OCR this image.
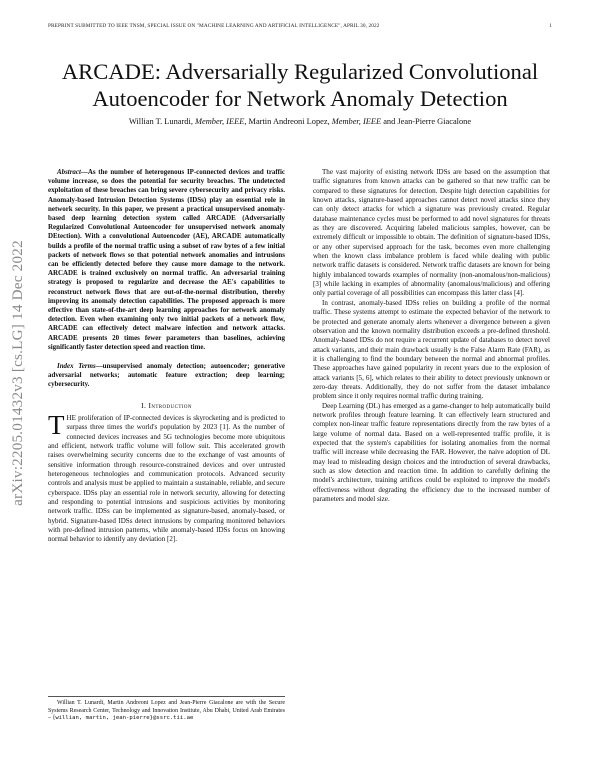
PREPRINT SUBMITTED TO IEEE TNSM, SPECIAL ISSUE ON "MACHINE LEARNING AND ARTIFICIAL INTELLIGENCE", APRIL 30, 2022	1
ARCADE: Adversarially Regularized Convolutional Autoencoder for Network Anomaly Detection
Willian T. Lunardi, Member, IEEE, Martin Andreoni Lopez, Member, IEEE and Jean-Pierre Giacalone
arXiv:2205.01432v3 [cs.LG] 14 Dec 2022

Abstract—As the number of heterogenous IP-connected devices and traffic volume increase, so does the potential for security breaches. The undetected exploitation of these breaches can bring severe cybersecurity and privacy risks. Anomaly-based Intrusion Detection Systems (IDSs) play an essential role in network security. In this paper, we present a practical unsupervised anomaly-based deep learning detection system called ARCADE (Adversarially Regularized Convolutional Autoencoder for unsupervised network anomaly DEtection). With a convolutional Autoencoder (AE), ARCADE automatically builds a profile of the normal traffic using a subset of raw bytes of a few initial packets of network flows so that potential network anomalies and intrusions can be efficiently detected before they cause more damage to the network. ARCADE is trained exclusively on normal traffic. An adversarial training strategy is proposed to regularize and decrease the AE's capabilities to reconstruct network flows that are out-of-the-normal distribution, thereby improving its anomaly detection capabilities. The proposed approach is more effective than state-of-the-art deep learning approaches for network anomaly detection. Even when examining only two initial packets of a network flow, ARCADE can effectively detect malware infection and network attacks. ARCADE presents 20 times fewer parameters than baselines, achieving significantly faster detection speed and reaction time.

Index Terms—unsupervised anomaly detection; autoencoder; generative adversarial networks; automatic feature extraction; deep learning; cybersecurity.

I. Introduction

THE proliferation of IP-connected devices is skyrocketing and is predicted to surpass three times the world's population by 2023 [1]. As the number of connected devices increases and 5G technologies become more ubiquitous and efficient, network traffic volume will follow suit. This accelerated growth raises overwhelming security concerns due to the exchange of vast amounts of sensitive information through resource-constrained devices and over untrusted heterogeneous technologies and communication protocols. Advanced security controls and analysis must be applied to maintain a sustainable, reliable, and secure cyberspace. IDSs play an essential role in network security, allowing for detecting and responding to potential intrusions and suspicious activities by monitoring network traffic. IDSs can be implemented as signature-based, anomaly-based, or hybrid. Signature-based IDSs detect intrusions by comparing monitored behaviors with pre-defined intrusion patterns, while anomaly-based IDSs focus on knowing normal behavior to identify any deviation [2].

Willian T. Lunardi, Martin Andreoni Lopez and Jean-Pierre Giacalone are with the Secure Systems Research Center, Technology and Innovation Institute, Abu Dhabi, United Arab Emirates – {willian, martin, jean-pierre}@ssrc.tii.ae

The vast majority of existing network IDSs are based on the assumption that traffic signatures from known attacks can be gathered so that new traffic can be compared to these signatures for detection. Despite high detection capabilities for known attacks, signature-based approaches cannot detect novel attacks since they can only detect attacks for which a signature was previously created. Regular database maintenance cycles must be performed to add novel signatures for threats as they are discovered. Acquiring labeled malicious samples, however, can be extremely difficult or impossible to obtain. The definition of signature-based IDSs, or any other supervised approach for the task, becomes even more challenging when the known class imbalance problem is faced while dealing with public network traffic datasets is considered. Network traffic datasets are known for being highly imbalanced towards examples of normality (non-anomalous/non-malicious) [3] while lacking in examples of abnormality (anomalous/malicious) and offering only partial coverage of all possibilities can encompass this latter class [4].

In contrast, anomaly-based IDSs relies on building a profile of the normal traffic. These systems attempt to estimate the expected behavior of the network to be protected and generate anomaly alerts whenever a divergence between a given observation and the known normality distribution exceeds a pre-defined threshold. Anomaly-based IDSs do not require a recurrent update of databases to detect novel attack variants, and their main drawback usually is the False Alarm Rate (FAR), as it is challenging to find the boundary between the normal and abnormal profiles. These approaches have gained popularity in recent years due to the explosion of attack variants [5, 6], which relates to their ability to detect previously unknown or zero-day threats. Additionally, they do not suffer from the dataset imbalance problem since it only requires normal traffic during training.

Deep Learning (DL) has emerged as a game-changer to help automatically build network profiles through feature learning. It can effectively learn structured and complex non-linear traffic feature representations directly from the raw bytes of a large volume of normal data. Based on a well-represented traffic profile, it is expected that the system's capabilities for isolating anomalies from the normal traffic will increase while decreasing the FAR. However, the naive adoption of DL may lead to misleading design choices and the introduction of several drawbacks, such as slow detection and reaction time. In addition to carefully defining the model's architecture, training artifices could be exploited to improve the model's effectiveness without degrading the efficiency due to the increased number of parameters and model size.
